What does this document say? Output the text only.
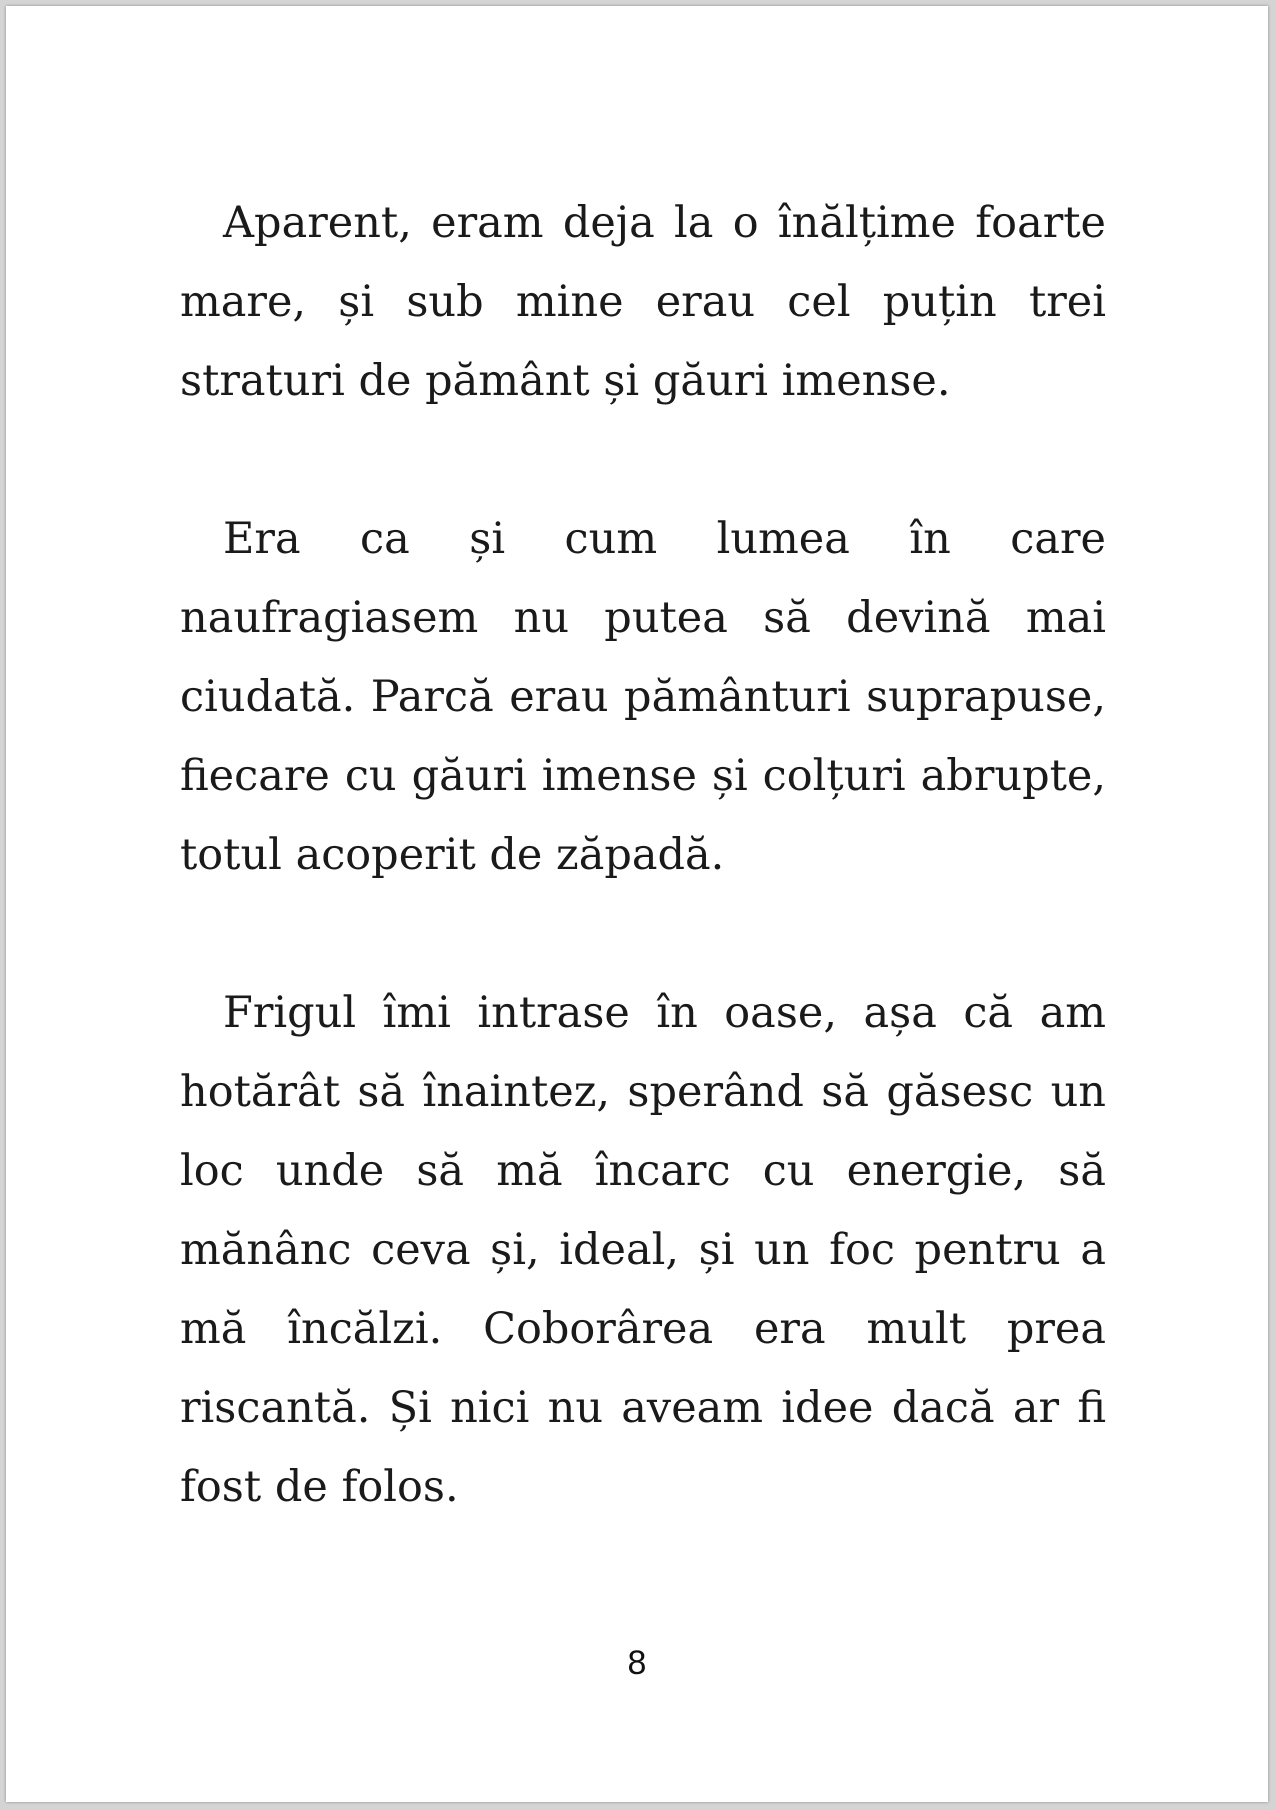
Aparent, eram deja la o înălțime foarte mare, și sub mine erau cel puțin trei straturi de pământ și găuri imense.

Era ca și cum lumea în care naufragiasem nu putea să devină mai ciudată. Parcă erau pământuri suprapuse, fiecare cu găuri imense și colțuri abrupte, totul acoperit de zăpadă.

Frigul îmi intrase în oase, așa că am hotărât să înaintez, sperând să găsesc un loc unde să mă încarc cu energie, să mănânc ceva și, ideal, și un foc pentru a mă încălzi. Coborârea era mult prea riscantă. Și nici nu aveam idee dacă ar fi fost de folos.

8
